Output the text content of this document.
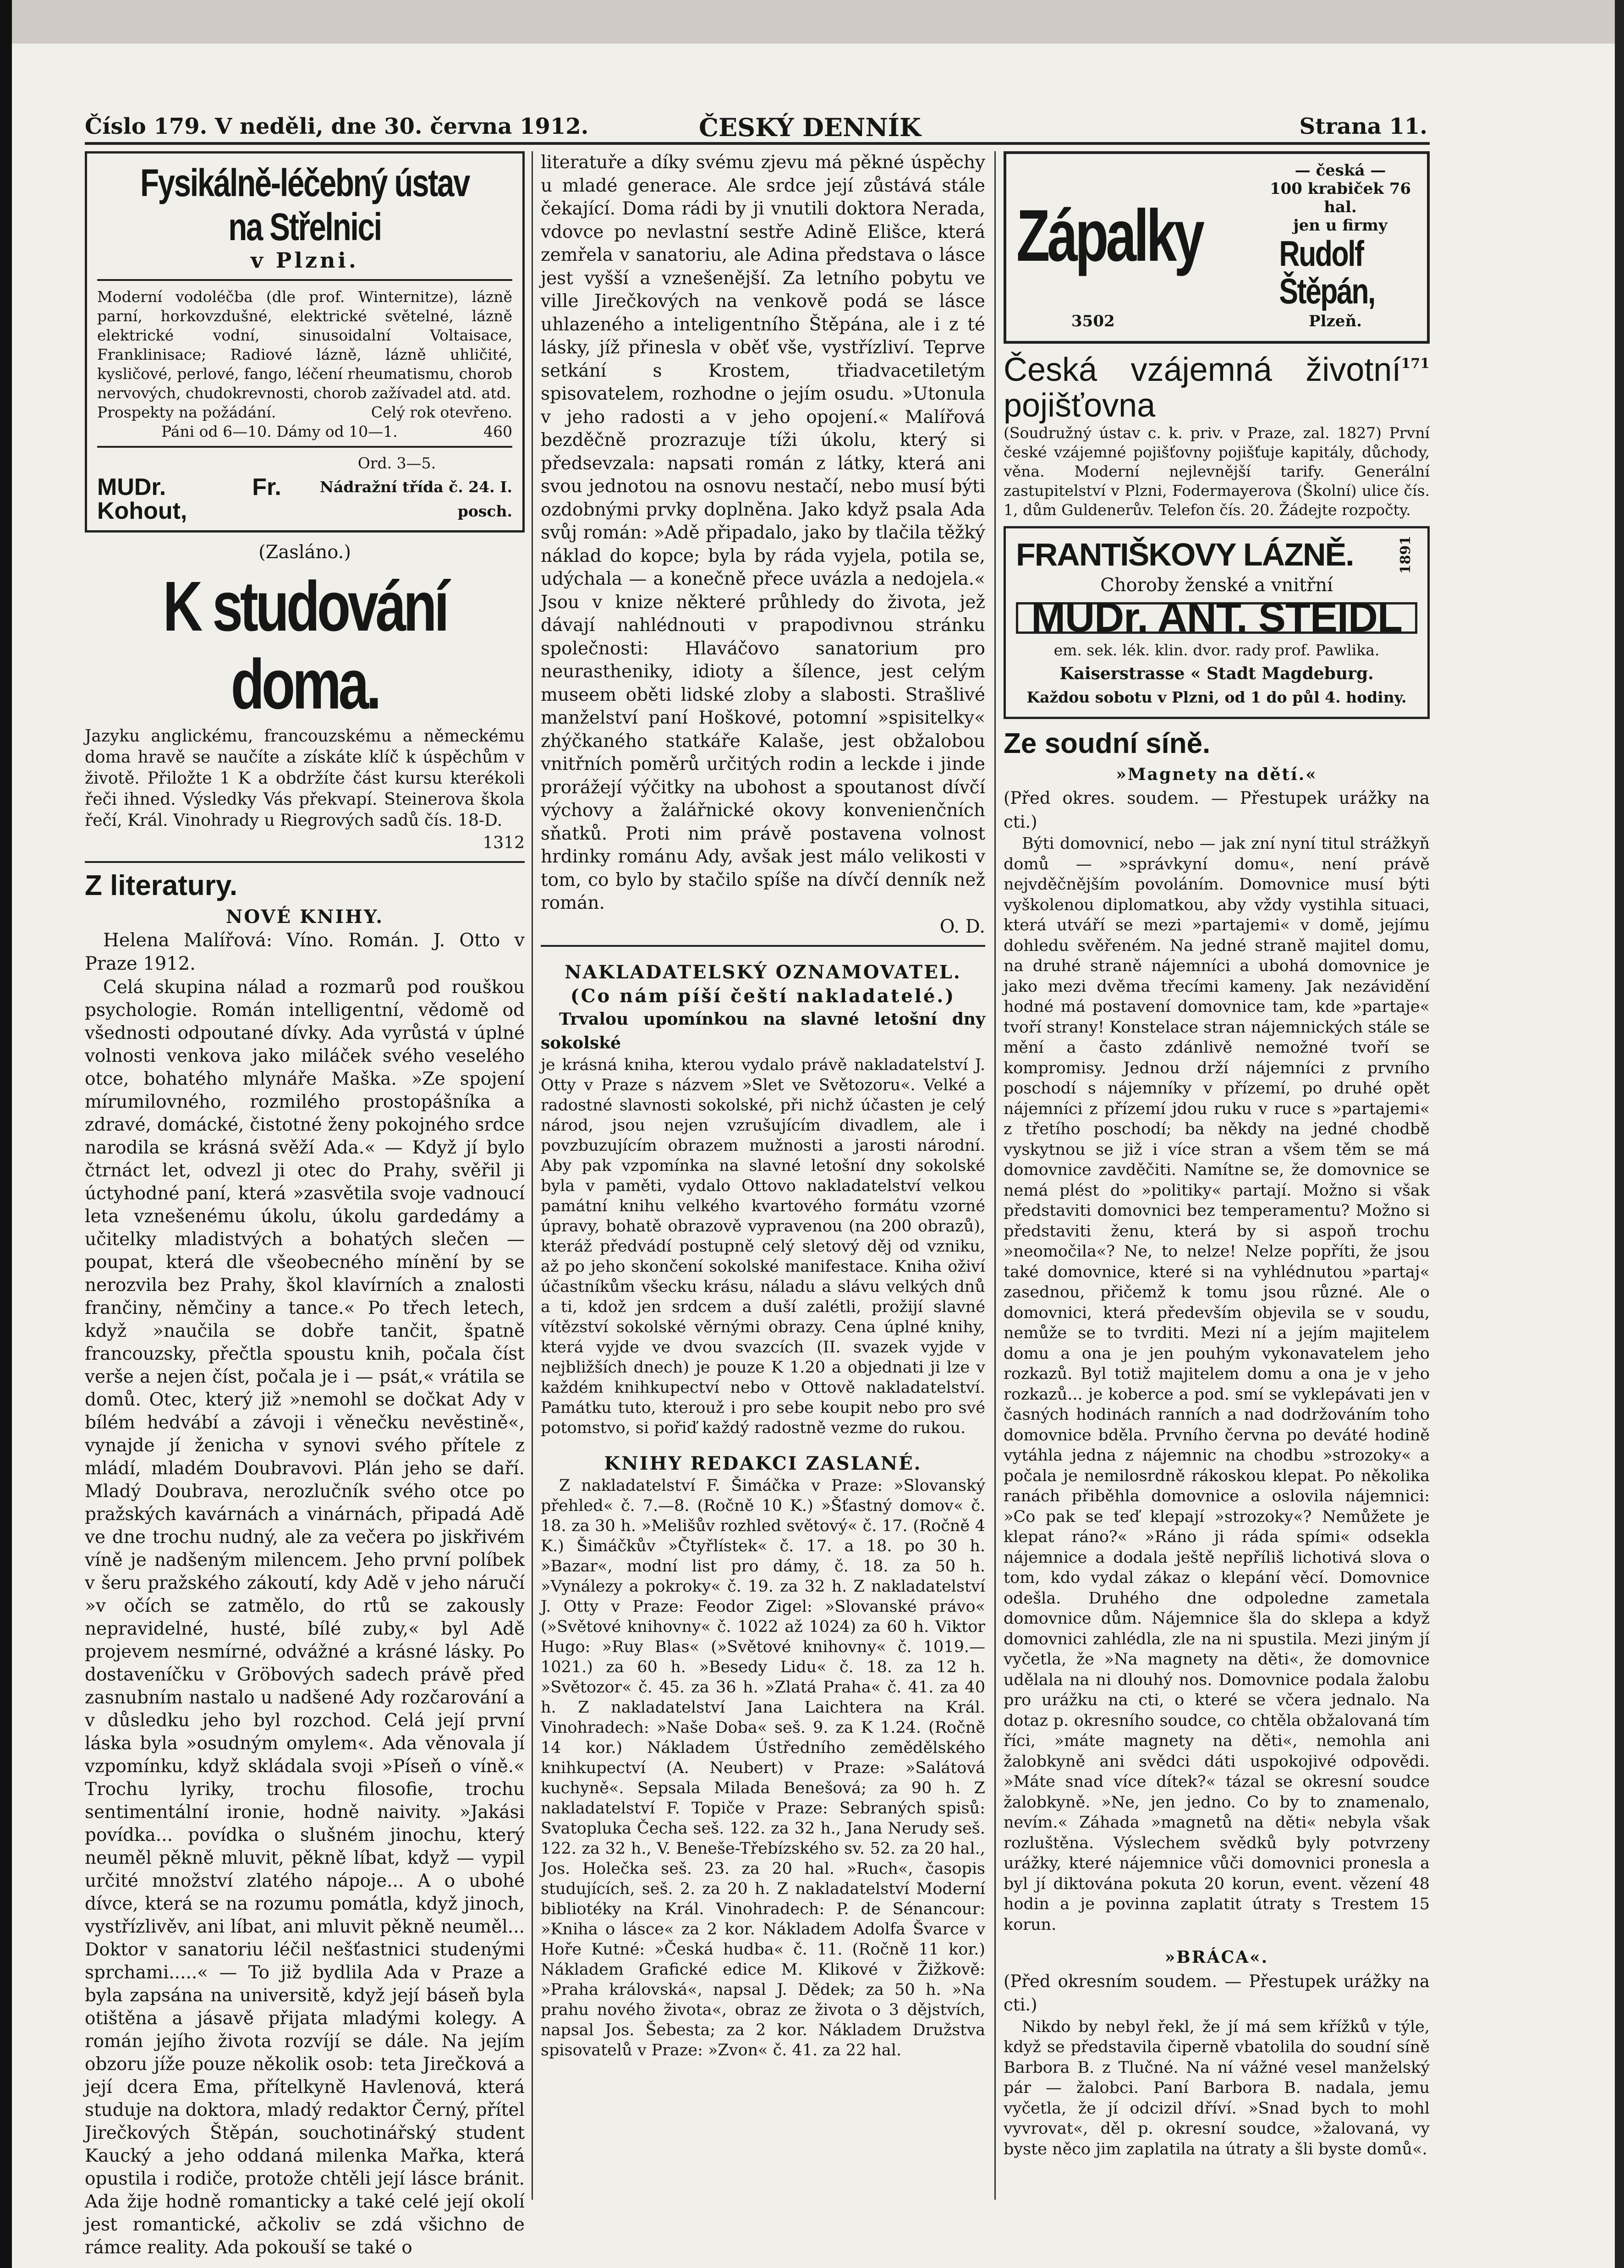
Číslo 179. V neděli, dne 30. června 1912.	ČESKÝ DENNÍK	Strana 11.
Fysikálně-léčebný ústav na Střelnici
v Plzni.
Moderní vodoléčba (dle prof. Winternitze), lázně parní, horkovzdušné, elektrické světelné, lázně elektrické vodní, sinusoidalní Voltaisace, Franklinisace; Radiové lázně, lázně uhličité, kysličové, perlové, fango, léčení rheumatismu, chorob nervových, chudokrevnosti, chorob zažívadel atd. atd.
Prospekty na požádání.	Celý rok otevřeno.
Páni od 6—10. Dámy od 10—1.	460
MUDr. Fr. Kohout,
Ord. 3—5.
Nádražní třída č. 24. I. posch.
(Zasláno.)
K studování doma.

Jazyku anglickému, francouzskému a německému doma hravě se naučíte a získáte klíč k úspěchům v životě. Přiložte 1 K a obdržíte část kursu kterékoli řeči ihned. Výsledky Vás překvapí. Steinerova škola řečí, Král. Vinohrady u Riegrových sadů čís. 18-D.

1312
Z literatury.
NOVÉ KNIHY.

Helena Malířová: Víno. Román. J. Otto v Praze 1912.

Celá skupina nálad a rozmarů pod rouškou psychologie. Román intelligentní, vědomě od všednosti odpoutané dívky. Ada vyrůstá v úplné volnosti venkova jako miláček svého veselého otce, bohatého mlynáře Maška. »Ze spojení mírumilovného, rozmilého prostopášníka a zdravé, domácké, čistotné ženy pokojného srdce narodila se krásná svěží Ada.« — Když jí bylo čtrnáct let, odvezl ji otec do Prahy, svěřil ji úctyhodné paní, která »zasvětila svoje vadnoucí leta vznešenému úkolu, úkolu gardedámy a učitelky mladistvých a bohatých slečen — poupat, která dle všeobecného mínění by se nerozvila bez Prahy, škol klavírních a znalosti frančiny, němčiny a tance.« Po třech letech, když »naučila se dobře tančit, špatně francouzsky, přečtla spoustu knih, počala číst verše a nejen číst, počala je i — psát,« vrátila se domů. Otec, který již »nemohl se dočkat Ady v bílém hedvábí a závoji i věnečku nevěstině«, vynajde jí ženicha v synovi svého přítele z mládí, mladém Doubravovi. Plán jeho se daří. Mladý Doubrava, nerozlučník svého otce po pražských kavárnách a vinárnách, připadá Adě ve dne trochu nudný, ale za večera po jiskřivém víně je nadšeným milencem. Jeho první políbek v šeru pražského zákoutí, kdy Adě v jeho náručí »v očích se zatmělo, do rtů se zakously nepravidelné, husté, bílé zuby,« byl Adě projevem nesmírné, odvážné a krásné lásky. Po dostaveníčku v Gröbových sadech právě před zasnubním nastalo u nadšené Ady rozčarování a v důsledku jeho byl rozchod. Celá její první láska byla »osudným omylem«. Ada věnovala jí vzpomínku, když skládala svoji »Píseň o víně.« Trochu lyriky, trochu filosofie, trochu sentimentální ironie, hodně naivity. »Jakási povídka... povídka o slušném jinochu, který neuměl pěkně mluvit, pěkně líbat, když — vypil určité množství zlatého nápoje... A o ubohé dívce, která se na rozumu pomátla, když jinoch, vystřízlivěv, ani líbat, ani mluvit pěkně neuměl... Doktor v sanatoriu léčil nešťastnici studenými sprchami.....« — To již bydlila Ada v Praze a byla zapsána na universitě, když její báseň byla otištěna a jásavě přijata mladými kolegy. A román jejího života rozvíjí se dále. Na jejím obzoru jíže pouze několik osob: teta Jirečková a její dcera Ema, přítelkyně Havlenová, která studuje na doktora, mladý redaktor Černý, přítel Jirečkových Štěpán, souchotinářský student Kaucký a jeho oddaná milenka Mařka, která opustila i rodiče, protože chtěli její lásce bránit. Ada žije hodně romanticky a také celé její okolí jest romantické, ačkoliv se zdá všichno de rámce reality. Ada pokouší se také o

literatuře a díky svému zjevu má pěkné úspěchy u mladé generace. Ale srdce její zůstává stále čekající. Doma rádi by ji vnutili doktora Nerada, vdovce po nevlastní sestře Adině Elišce, která zemřela v sanatoriu, ale Adina představa o lásce jest vyšší a vznešenější. Za letního pobytu ve ville Jirečkových na venkově podá se lásce uhlazeného a inteligentního Štěpána, ale i z té lásky, jíž přinesla v oběť vše, vystřízliví. Teprve setkání s Krostem, třiadvacetiletým spisovatelem, rozhodne o jejím osudu. »Utonula v jeho radosti a v jeho opojení.« Malířová bezděčně prozrazuje tíži úkolu, který si předsevzala: napsati román z látky, která ani svou jednotou na osnovu nestačí, nebo musí býti ozdobnými prvky doplněna. Jako když psala Ada svůj román: »Adě připadalo, jako by tlačila těžký náklad do kopce; byla by ráda vyjela, potila se, udýchala — a konečně přece uvázla a nedojela.« Jsou v knize některé průhledy do života, jež dávají nahlédnouti v prapodivnou stránku společnosti: Hlaváčovo sanatorium pro neurastheniky, idioty a šílence, jest celým museem oběti lidské zloby a slabosti. Strašlivé manželství paní Hoškové, potomní »spisitelky« zhýčkaného statkáře Kalaše, jest obžalobou vnitřních poměrů určitých rodin a leckde i jinde prorážejí výčitky na ubohost a spoutanost dívčí výchovy a žalářnické okovy konvenienčních sňatků. Proti nim právě postavena volnost hrdinky románu Ady, avšak jest málo velikosti v tom, co bylo by stačilo spíše na dívčí denník než román.

O. D.
NAKLADATELSKÝ OZNAMOVATEL.
(Co nám píší čeští nakladatelé.)

Trvalou upomínkou na slavné letošní dny sokolské

je krásná kniha, kterou vydalo právě nakladatelství J. Otty v Praze s názvem »Slet ve Světozoru«. Velké a radostné slavnosti sokolské, při nichž účasten je celý národ, jsou nejen vzrušujícím divadlem, ale i povzbuzujícím obrazem mužnosti a jarosti národní. Aby pak vzpomínka na slavné letošní dny sokolské byla v paměti, vydalo Ottovo nakladatelství velkou památní knihu velkého kvartového formátu vzorné úpravy, bohatě obrazově vypravenou (na 200 obrazů), kteráž předvádí postupně celý sletový děj od vzniku, až po jeho skončení sokolské manifestace. Kniha oživí účastníkům všecku krásu, náladu a slávu velkých dnů a ti, kdož jen srdcem a duší zalétli, prožijí slavné vítězství sokolské věrnými obrazy. Cena úplné knihy, která vyjde ve dvou svazcích (II. svazek vyjde v nejbližších dnech) je pouze K 1.20 a objednati ji lze v každém knihkupectví nebo v Ottově nakladatelství. Památku tuto, kterouž i pro sebe koupit nebo pro své potomstvo, si pořiď každý radostně vezme do rukou.

KNIHY REDAKCI ZASLANÉ.

Z nakladatelství F. Šimáčka v Praze: »Slovanský přehled« č. 7.—8. (Ročně 10 K.) »Šťastný domov« č. 18. za 30 h. »Melišův rozhled světový« č. 17. (Ročně 4 K.) Šimáčkův »Čtyřlístek« č. 17. a 18. po 30 h. »Bazar«, modní list pro dámy, č. 18. za 50 h. »Vynálezy a pokroky« č. 19. za 32 h. Z nakladatelství J. Otty v Praze: Feodor Zigel: »Slovanské právo« (»Světové knihovny« č. 1022 až 1024) za 60 h. Viktor Hugo: »Ruy Blas« (»Světové knihovny« č. 1019.—1021.) za 60 h. »Besedy Lidu« č. 18. za 12 h. »Světozor« č. 45. za 36 h. »Zlatá Praha« č. 41. za 40 h. Z nakladatelství Jana Laichtera na Král. Vinohradech: »Naše Doba« seš. 9. za K 1.24. (Ročně 14 kor.) Nákladem Ústředního zemědělského knihkupectví (A. Neubert) v Praze: »Salátová kuchyně«. Sepsala Milada Benešová; za 90 h. Z nakladatelství F. Topiče v Praze: Sebraných spisů: Svatopluka Čecha seš. 122. za 32 h., Jana Nerudy seš. 122. za 32 h., V. Beneše-Třebízského sv. 52. za 20 hal., Jos. Holečka seš. 23. za 20 hal. »Ruch«, časopis studujících, seš. 2. za 20 h. Z nakladatelství Moderní bibliotéky na Král. Vinohradech: P. de Sénancour: »Kniha o lásce« za 2 kor. Nákladem Adolfa Švarce v Hoře Kutné: »Česká hudba« č. 11. (Ročně 11 kor.) Nákladem Grafické edice M. Klikové v Žižkově: »Praha královská«, napsal J. Dědek; za 50 h. »Na prahu nového života«, obraz ze života o 3 dějstvích, napsal Jos. Šebesta; za 2 kor. Nákladem Družstva spisovatelů v Praze: »Zvon« č. 41. za 22 hal.

Zápalky
— česká —
100 krabiček 76 hal.
jen u firmy
Rudolf Štěpán,
3502	Plzeň.
Česká vzájemná životní pojišťovna
171

(Soudružný ústav c. k. priv. v Praze, zal. 1827) První české vzájemné pojišťovny pojišťuje kapitály, důchody, věna. Moderní nejlevnější tarify. Generální zastupitelství v Plzni, Fodermayerova (Školní) ulice čís. 1, dům Guldenerův. Telefon čís. 20. Žádejte rozpočty.

FRANTIŠKOVY LÁZNĚ.	1891
Choroby ženské a vnitřní
MUDr. ANT. STEIDL
em. sek. lék. klin. dvor. rady prof. Pawlika.
Kaiserstrasse « Stadt Magdeburg.
Každou sobotu v Plzni, od 1 do půl 4. hodiny.
Ze soudní síně.
»Magnety na dětí.«

(Před okres. soudem. — Přestupek urážky na cti.)

Býti domovnicí, nebo — jak zní nyní titul strážkyň domů — »správkyní domu«, není právě nejvděčnějším povoláním. Domovnice musí býti vyškolenou diplomatkou, aby vždy vystihla situaci, která utváří se mezi »partajemi« v domě, jejímu dohledu svěřeném. Na jedné straně majitel domu, na druhé straně nájemníci a ubohá domovnice je jako mezi dvěma třecími kameny. Jak nezávidění hodné má postavení domovnice tam, kde »partaje« tvoří strany! Konstelace stran nájemnických stále se mění a často zdánlivě nemožné tvoří se kompromisy. Jednou drží nájemníci z prvního poschodí s nájemníky v přízemí, po druhé opět nájemníci z přízemí jdou ruku v ruce s »partajemi« z třetího poschodí; ba někdy na jedné chodbě vyskytnou se již i více stran a všem těm se má domovnice zavděčiti. Namítne se, že domovnice se nemá plést do »politiky« partají. Možno si však představiti domovnici bez temperamentu? Možno si představiti ženu, která by si aspoň trochu »neomočila«? Ne, to nelze! Nelze popříti, že jsou také domovnice, které si na vyhlédnutou »partaj« zasednou, přičemž k tomu jsou různé. Ale o domovnici, která především objevila se v soudu, nemůže se to tvrditi. Mezi ní a jejím majitelem domu a ona je jen pouhým vykonavatelem jeho rozkazů. Byl totiž majitelem domu a ona je v jeho rozkazů... je koberce a pod. smí se vyklepávati jen v časných hodinách ranních a nad dodržováním toho domovnice bděla. Prvního června po deváté hodině vytáhla jedna z nájemnic na chodbu »strozoky« a počala je nemilosrdně rákoskou klepat. Po několika ranách přiběhla domovnice a oslovila nájemnici: »Co pak se teď klepají »strozoky«? Nemůžete je klepat ráno?« »Ráno ji ráda spími« odsekla nájemnice a dodala ještě nepříliš lichotivá slova o tom, kdo vydal zákaz o klepání věcí. Domovnice odešla. Druhého dne odpoledne zametala domovnice dům. Nájemnice šla do sklepa a když domovnici zahlédla, zle na ni spustila. Mezi jiným jí vyčetla, že »Na magnety na děti«, že domovnice udělala na ni dlouhý nos. Domovnice podala žalobu pro urážku na cti, o které se včera jednalo. Na dotaz p. okresního soudce, co chtěla obžalovaná tím říci, »máte magnety na děti«, nemohla ani žalobkyně ani svědci dáti uspokojivé odpovědi. »Máte snad více dítek?« tázal se okresní soudce žalobkyně. »Ne, jen jedno. Co by to znamenalo, nevím.« Záhada »magnetů na děti« nebyla však rozluštěna. Výslechem svědků byly potvrzeny urážky, které nájemnice vůči domovnici pronesla a byl jí diktována pokuta 20 korun, event. vězení 48 hodin a je povinna zaplatit útraty s Trestem 15 korun.

»BRÁCA«.

(Před okresním soudem. — Přestupek urážky na cti.)

Nikdo by nebyl řekl, že jí má sem křížků v týle, když se představila čiperně vbatolila do soudní síně Barbora B. z Tlučné. Na ní vážné vesel manželský pár — žalobci. Paní Barbora B. nadala, jemu vyčetla, že jí odcizil dříví. »Snad bych to mohl vyvrovat«, děl p. okresní soudce, »žalovaná, vy byste něco jim zaplatila na útraty a šli byste domů«.
